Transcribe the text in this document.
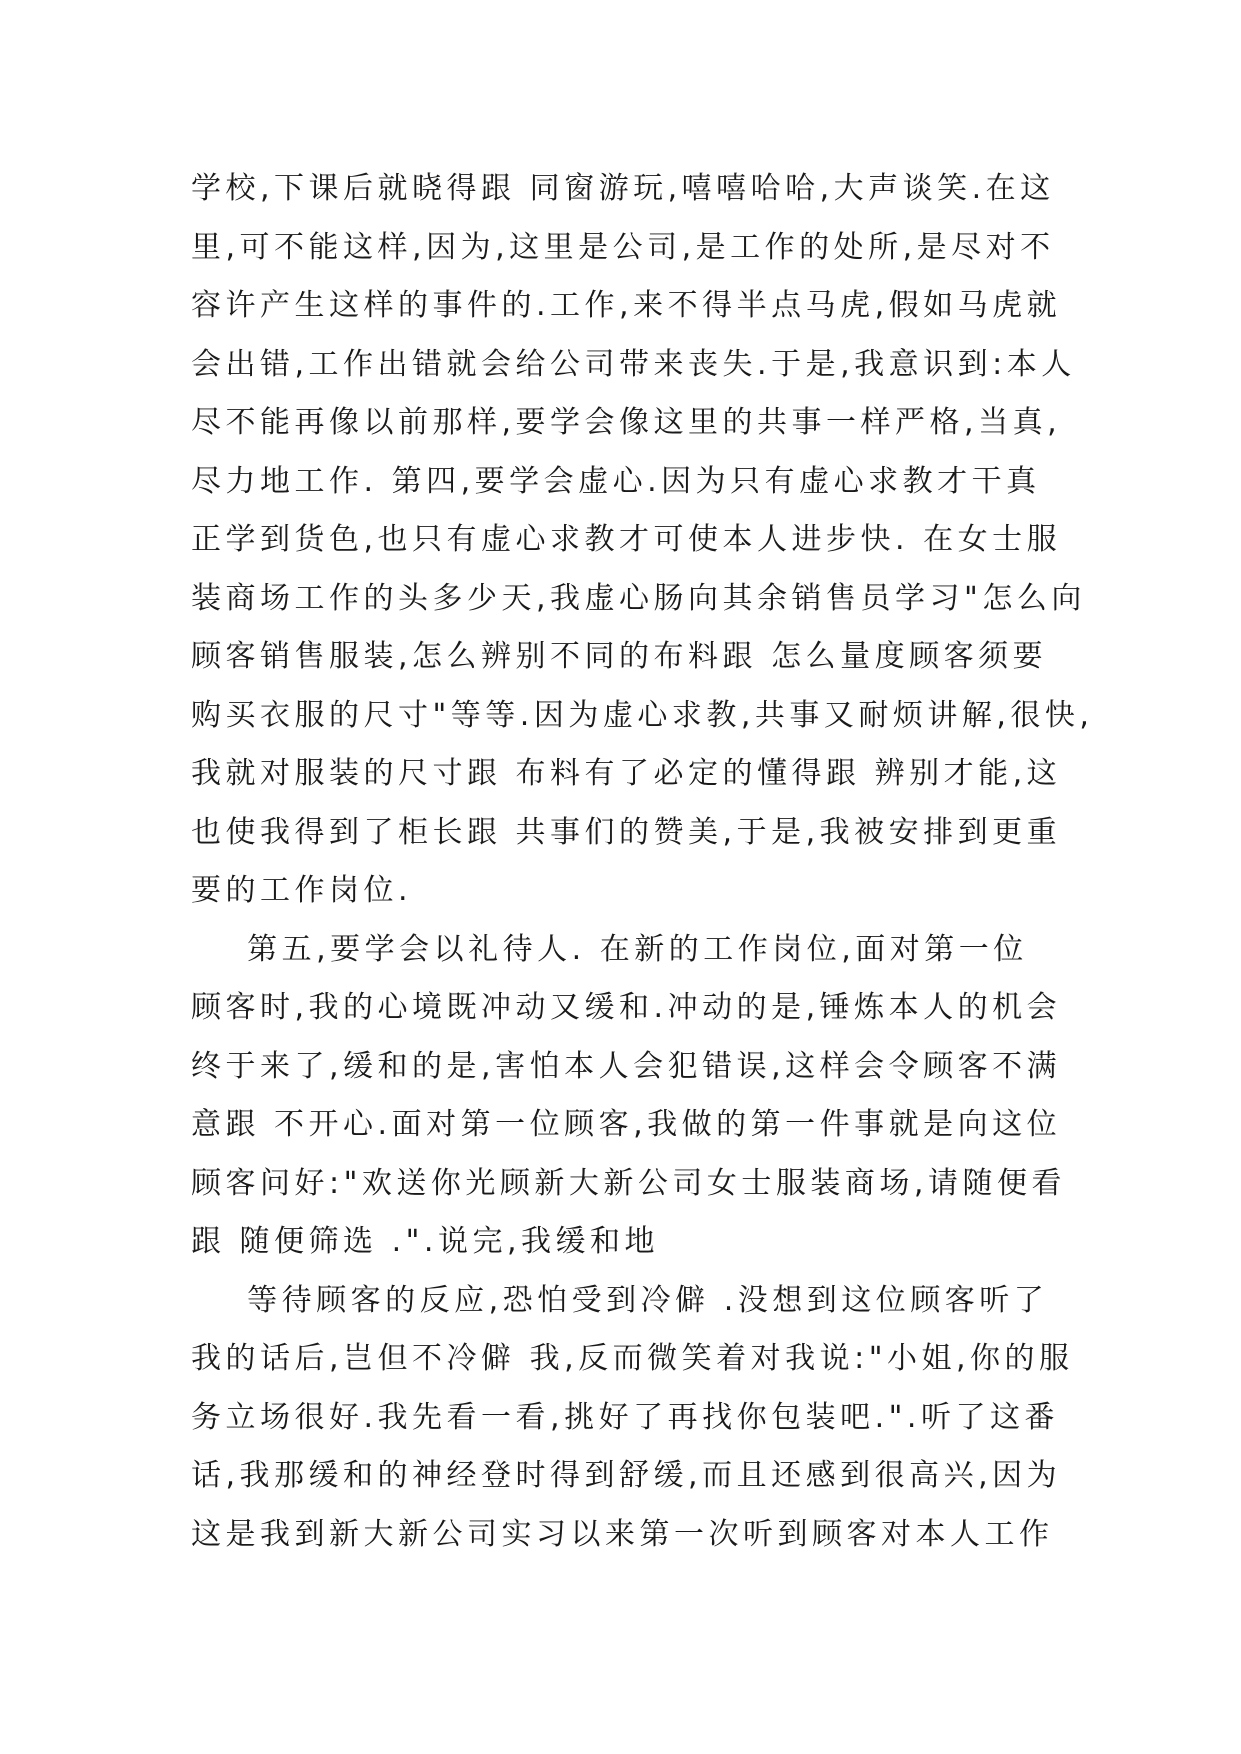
学校,下课后就晓得跟 同窗游玩,嘻嘻哈哈,大声谈笑.在这
里,可不能这样,因为,这里是公司,是工作的处所,是尽对不
容许产生这样的事件的.工作,来不得半点马虎,假如马虎就
会出错,工作出错就会给公司带来丧失.于是,我意识到:本人
尽不能再像以前那样,要学会像这里的共事一样严格,当真,
尽力地工作. 第四,要学会虚心.因为只有虚心求教才干真
正学到货色,也只有虚心求教才可使本人进步快. 在女士服
装商场工作的头多少天,我虚心肠向其余销售员学习"怎么向
顾客销售服装,怎么辨别不同的布料跟 怎么量度顾客须要
购买衣服的尺寸"等等.因为虚心求教,共事又耐烦讲解,很快,
我就对服装的尺寸跟 布料有了必定的懂得跟 辨别才能,这
也使我得到了柜长跟 共事们的赞美,于是,我被安排到更重
要的工作岗位.
第五,要学会以礼待人. 在新的工作岗位,面对第一位
顾客时,我的心境既冲动又缓和.冲动的是,锤炼本人的机会
终于来了,缓和的是,害怕本人会犯错误,这样会令顾客不满
意跟 不开心.面对第一位顾客,我做的第一件事就是向这位
顾客问好:"欢送你光顾新大新公司女士服装商场,请随便看
跟 随便筛选 .".说完,我缓和地
等待顾客的反应,恐怕受到冷僻 .没想到这位顾客听了
我的话后,岂但不冷僻 我,反而微笑着对我说:"小姐,你的服
务立场很好.我先看一看,挑好了再找你包装吧.".听了这番
话,我那缓和的神经登时得到舒缓,而且还感到很高兴,因为
这是我到新大新公司实习以来第一次听到顾客对本人工作
